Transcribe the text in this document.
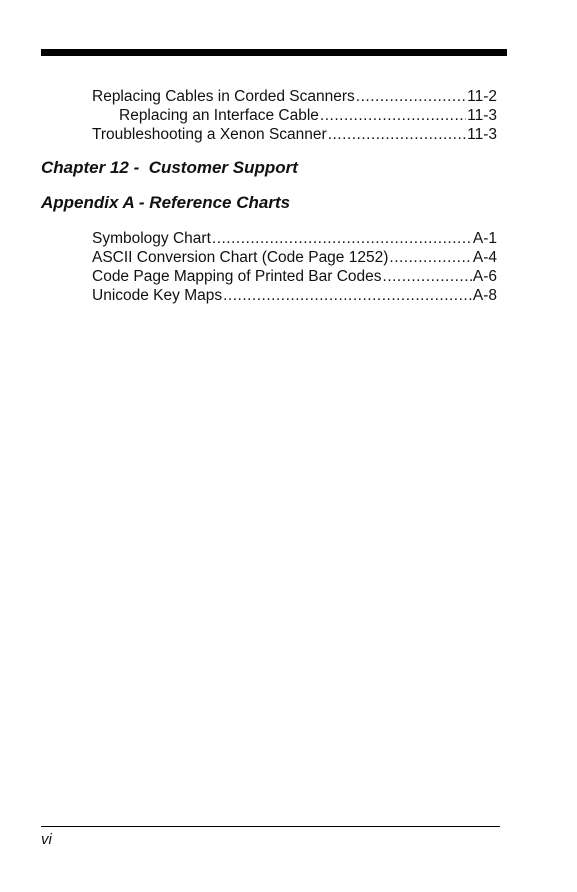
Replacing Cables in Corded Scanners .....	11-2
Replacing an Interface Cable .....	11-3
Troubleshooting a Xenon Scanner .....	11-3
Chapter 12 -  Customer Support
Appendix A - Reference Charts
Symbology Chart .....	A-1
ASCII Conversion Chart (Code Page 1252) .....	A-4
Code Page Mapping of Printed Bar Codes .....	A-6
Unicode Key Maps .....	A-8
vi
